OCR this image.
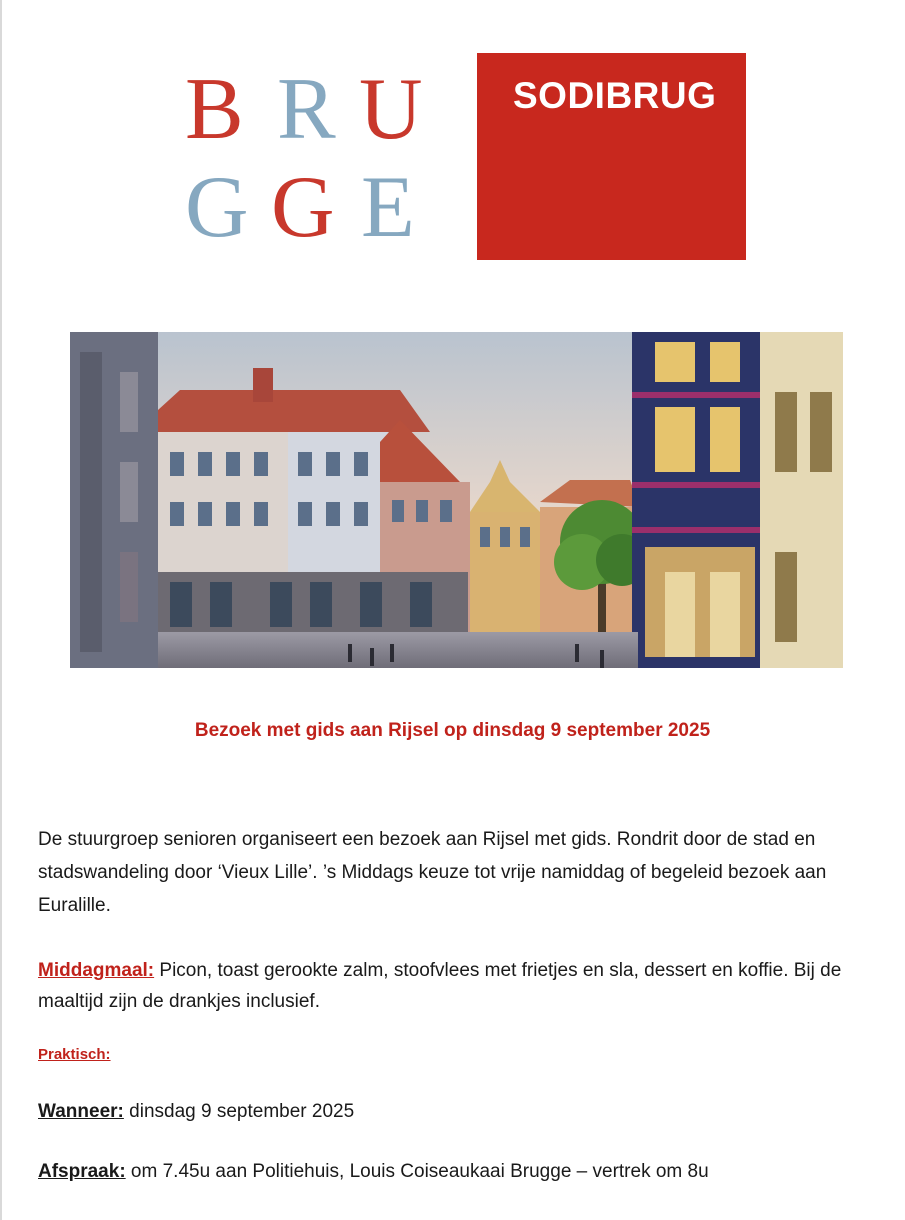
B R U
G G E
SODIBRUG
Bezoek met gids aan Rijsel op dinsdag 9 september 2025

De stuurgroep senioren organiseert een bezoek aan Rijsel met gids. Rondrit door de stad en stadswandeling door ‘Vieux Lille’. ’s Middags keuze tot vrije namiddag of begeleid bezoek aan Euralille.

Middagmaal: Picon, toast gerookte zalm, stoofvlees met frietjes en sla, dessert en koffie. Bij de maaltijd zijn de drankjes inclusief.

Praktisch:

Wanneer: dinsdag 9 september 2025

Afspraak: om 7.45u aan Politiehuis, Louis Coiseaukaai Brugge – vertrek om 8u
